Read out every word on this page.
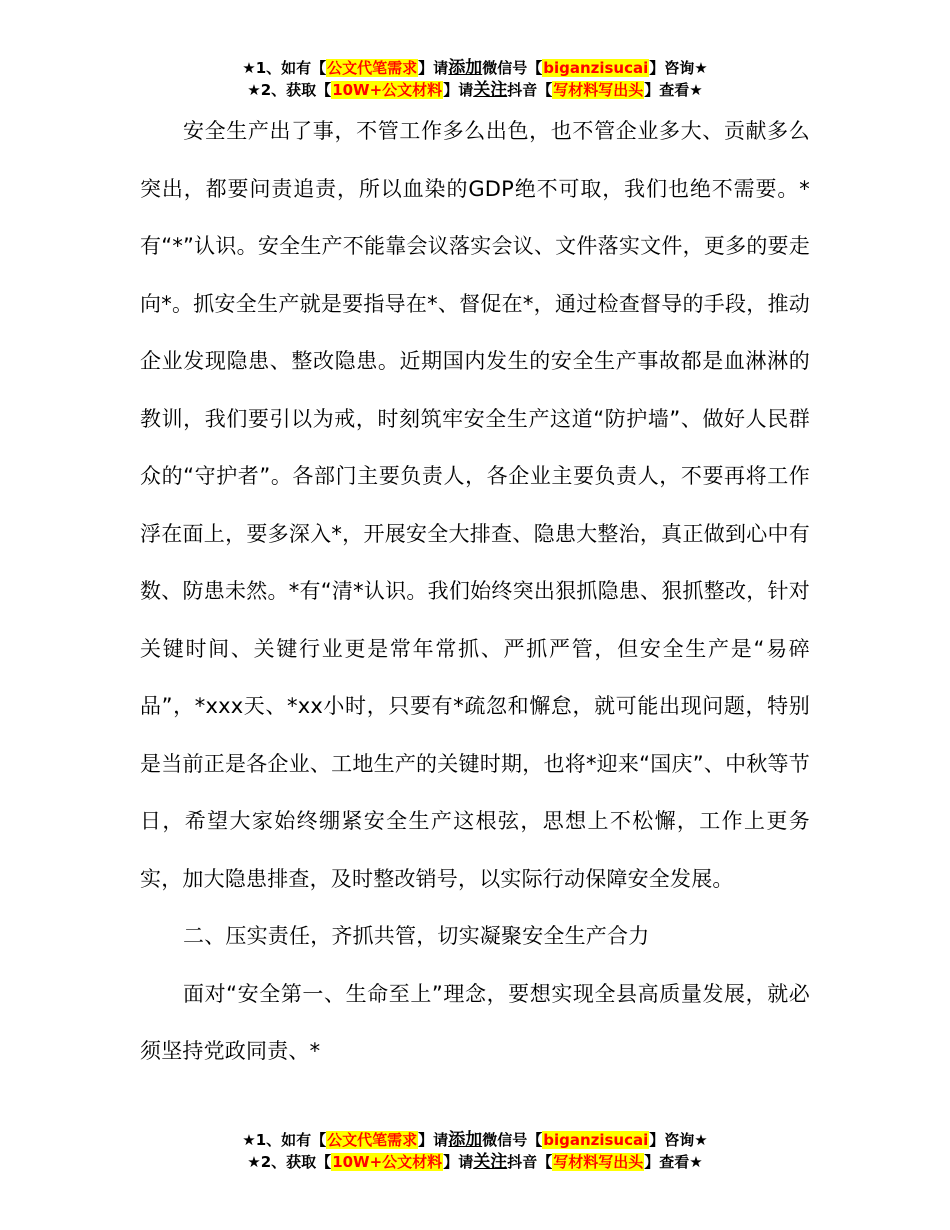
★1、如有【公文代笔需求】请添加微信号【biganzisucai】咨询★
★2、获取【10W+公文材料】请关注抖音【写材料写出头】查看★

安全生产出了事，不管工作多么出色，也不管企业多大、贡献多么突出，都要问责追责，所以血染的GDP绝不可取，我们也绝不需要。*有“*”认识。安全生产不能靠会议落实会议、文件落实文件，更多的要走向*。抓安全生产就是要指导在*、督促在*，通过检查督导的手段，推动企业发现隐患、整改隐患。近期国内发生的安全生产事故都是血淋淋的教训，我们要引以为戒，时刻筑牢安全生产这道“防护墙”、做好人民群众的“守护者”。各部门主要负责人，各企业主要负责人，不要再将工作浮在面上，要多深入*，开展安全大排查、隐患大整治，真正做到心中有数、防患未然。*有“清*认识。我们始终突出狠抓隐患、狠抓整改，针对关键时间、关键行业更是常年常抓、严抓严管，但安全生产是“易碎品”，*xxx天、*xx小时，只要有*疏忽和懈怠，就可能出现问题，特别是当前正是各企业、工地生产的关键时期，也将*迎来“国庆”、中秋等节日，希望大家始终绷紧安全生产这根弦，思想上不松懈，工作上更务实，加大隐患排查，及时整改销号，以实际行动保障安全发展。

二、压实责任，齐抓共管，切实凝聚安全生产合力

面对“安全第一、生命至上”理念，要想实现全县高质量发展，就必须坚持党政同责、*

★1、如有【公文代笔需求】请添加微信号【biganzisucai】咨询★
★2、获取【10W+公文材料】请关注抖音【写材料写出头】查看★
